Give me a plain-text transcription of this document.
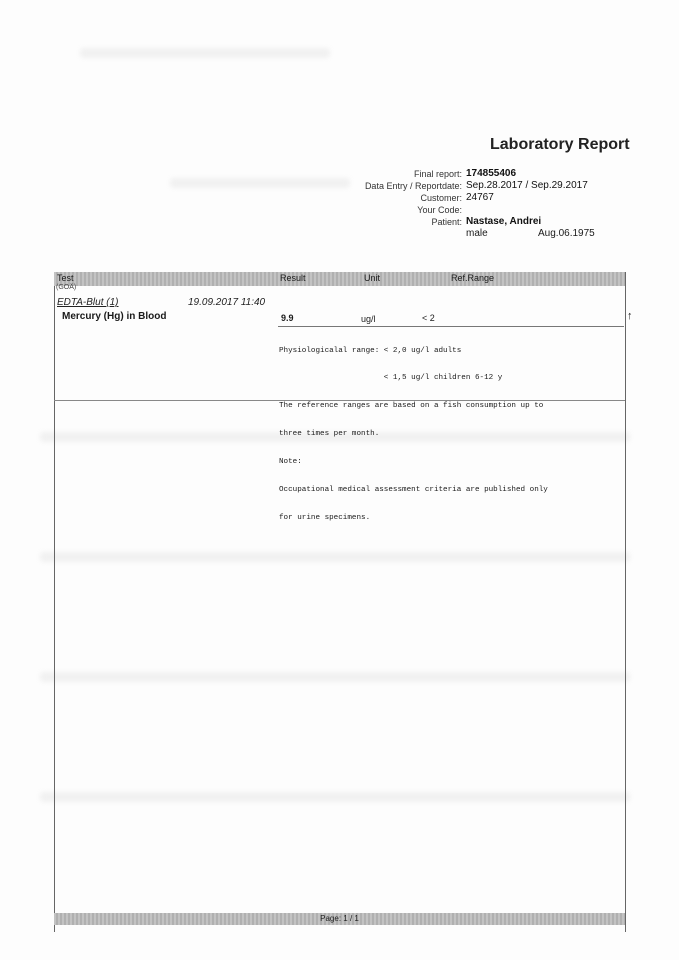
Laboratory Report
Final report: 174855406
Data Entry / Reportdate: Sep.28.2017 / Sep.29.2017
Customer: 24767
Your Code:
Patient: Nastase, Andrei
male	Aug.06.1975
Test	Result	Unit	Ref.Range
(GOÄ)
EDTA-Blut (1)	19.09.2017 11:40
Mercury (Hg) in Blood	9.9	ug/l	< 2	↑

Physiologicalal range: < 2,0 ug/l adults

< 1,5 ug/l children 6-12 y

The reference ranges are based on a fish consumption up to

three times per month.

Note:

Occupational medical assessment criteria are published only

for urine specimens.

Page: 1 / 1
